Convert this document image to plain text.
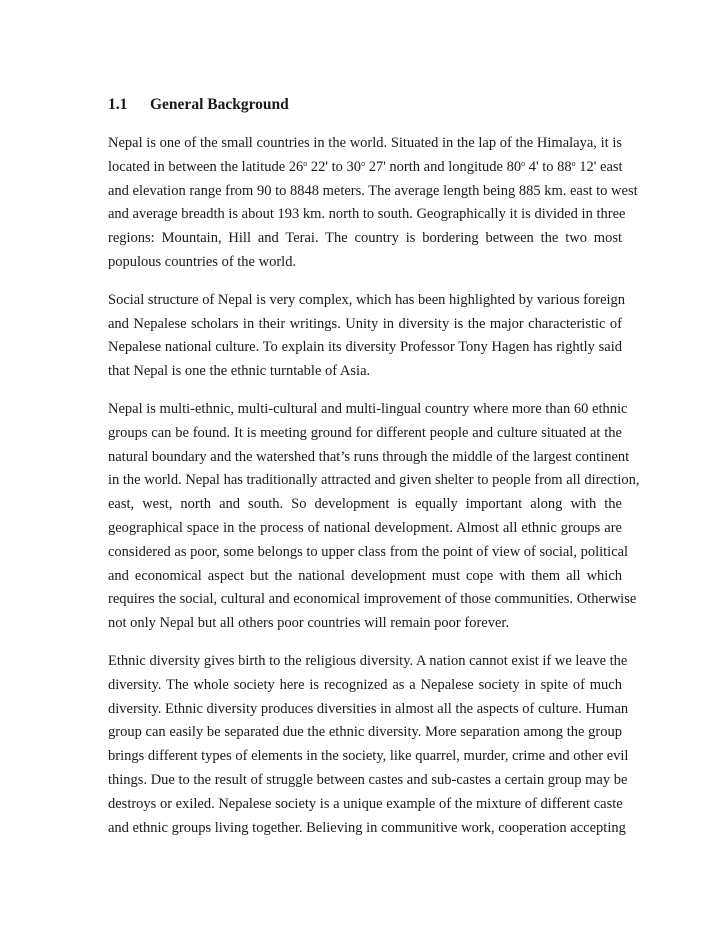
1.1	General Background
Nepal is one of the small countries in the world. Situated in the lap of the Himalaya, it is
located in between the latitude 26$^o$ 22' to 30$^o$ 27' north and longitude 80$^o$ 4' to 88$^o$ 12' east
and elevation range from 90 to 8848 meters. The average length being 885 km. east to west
and average breadth is about 193 km. north to south. Geographically it is divided in three
regions: Mountain, Hill and Terai. The country is bordering between the two most
populous countries of the world.
Social structure of Nepal is very complex, which has been highlighted by various foreign
and Nepalese scholars in their writings. Unity in diversity is the major characteristic of
Nepalese national culture. To explain its diversity Professor Tony Hagen has rightly said
that Nepal is one the ethnic turntable of Asia.
Nepal is multi-ethnic, multi-cultural and multi-lingual country where more than 60 ethnic
groups can be found. It is meeting ground for different people and culture situated at the
natural boundary and the watershed that’s runs through the middle of the largest continent
in the world. Nepal has traditionally attracted and given shelter to people from all direction,
east, west, north and south. So development is equally important along with the
geographical space in the process of national development. Almost all ethnic groups are
considered as poor, some belongs to upper class from the point of view of social, political
and economical aspect but the national development must cope with them all which
requires the social, cultural and economical improvement of those communities. Otherwise
not only Nepal but all others poor countries will remain poor forever.
Ethnic diversity gives birth to the religious diversity. A nation cannot exist if we leave the
diversity. The whole society here is recognized as a Nepalese society in spite of much
diversity. Ethnic diversity produces diversities in almost all the aspects of culture. Human
group can easily be separated due the ethnic diversity. More separation among the group
brings different types of elements in the society, like quarrel, murder, crime and other evil
things. Due to the result of struggle between castes and sub-castes a certain group may be
destroys or exiled. Nepalese society is a unique example of the mixture of different caste
and ethnic groups living together. Believing in communitive work, cooperation accepting
